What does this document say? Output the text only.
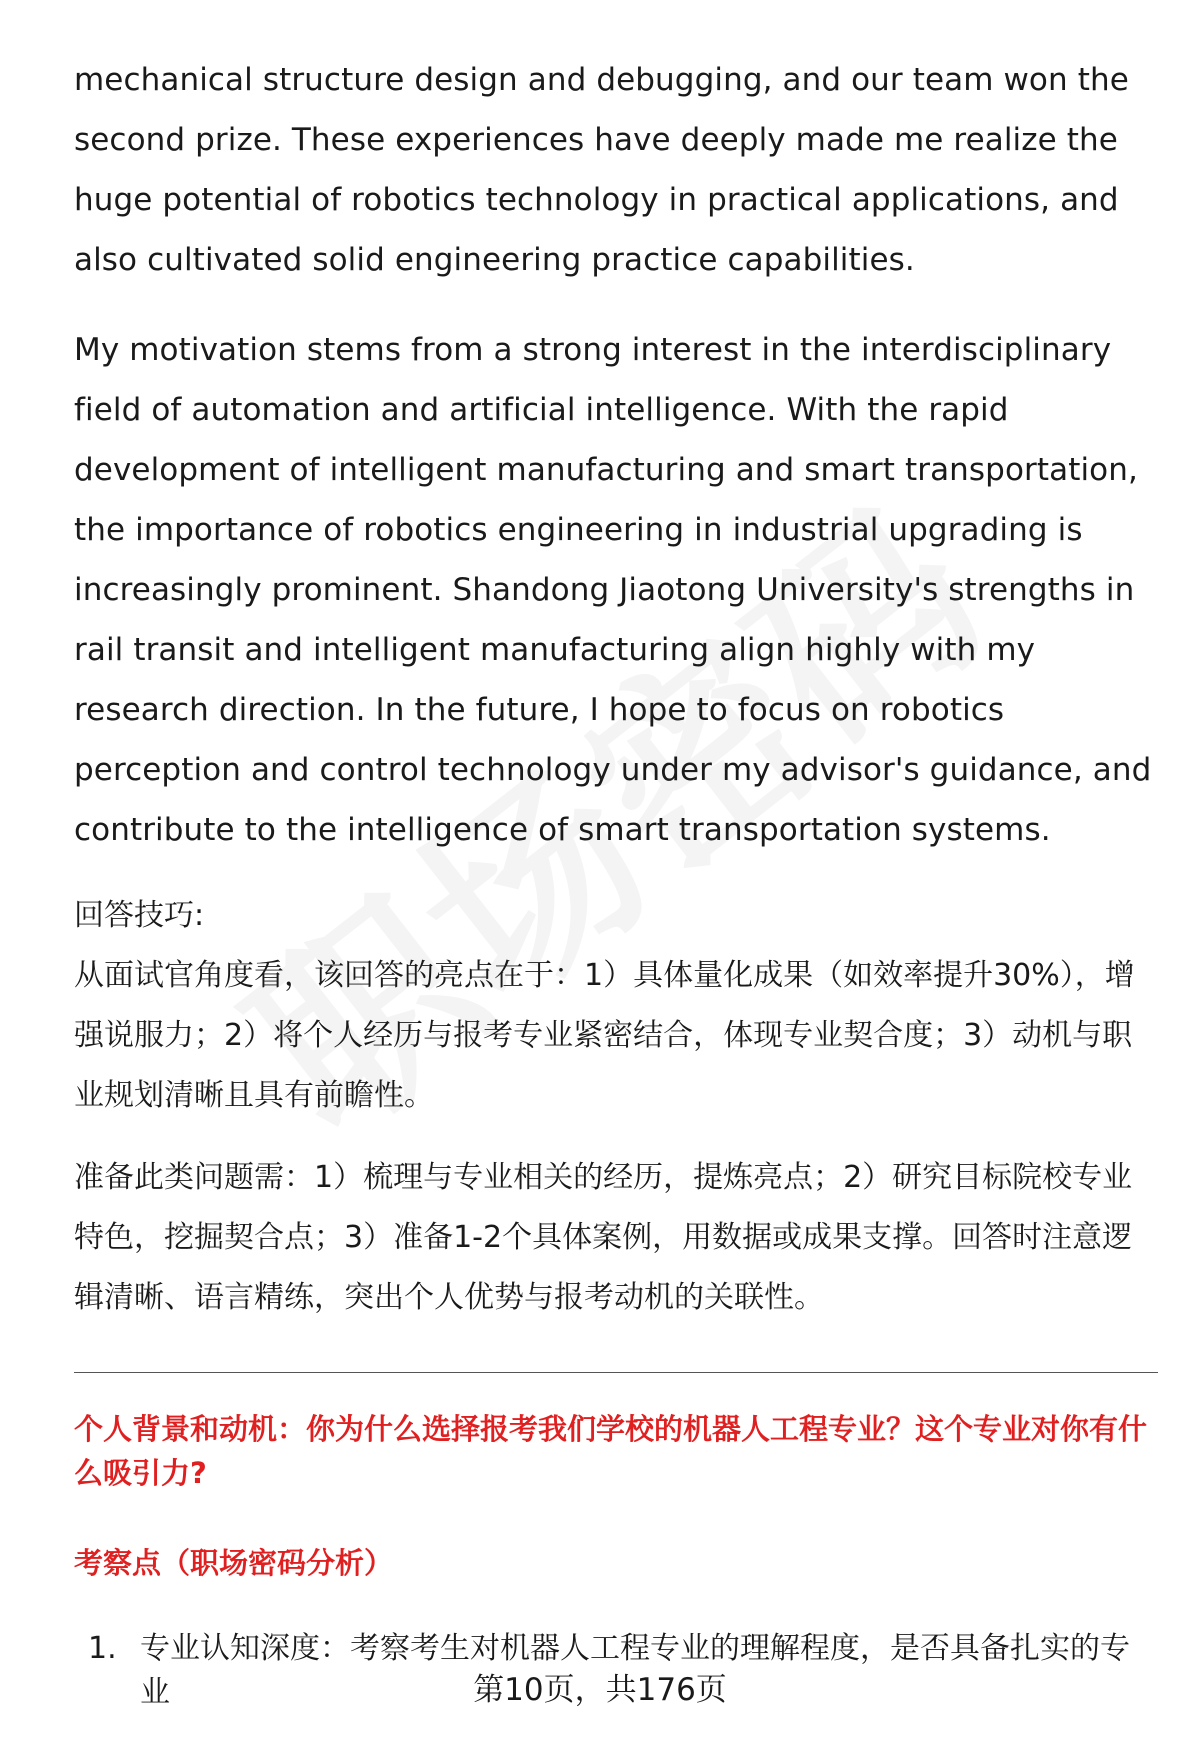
mechanical structure design and debugging, and our team won the second prize. These experiences have deeply made me realize the huge potential of robotics technology in practical applications, and also cultivated solid engineering practice capabilities.

My motivation stems from a strong interest in the interdisciplinary field of automation and artificial intelligence. With the rapid development of intelligent manufacturing and smart transportation, the importance of robotics engineering in industrial upgrading is increasingly prominent. Shandong Jiaotong University's strengths in rail transit and intelligent manufacturing align highly with my research direction. In the future, I hope to focus on robotics perception and control technology under my advisor's guidance, and contribute to the intelligence of smart transportation systems.

回答技巧:

从面试官角度看，该回答的亮点在于：1）具体量化成果（如效率提升30%），增强说服力；2）将个人经历与报考专业紧密结合，体现专业契合度；3）动机与职业规划清晰且具有前瞻性。

准备此类问题需：1）梳理与专业相关的经历，提炼亮点；2）研究目标院校专业特色，挖掘契合点；3）准备1-2个具体案例，用数据或成果支撑。回答时注意逻辑清晰、语言精练，突出个人优势与报考动机的关联性。

个人背景和动机：你为什么选择报考我们学校的机器人工程专业？这个专业对你有什么吸引力?

考察点（职场密码分析）

1. 专业认知深度：考察考生对机器人工程专业的理解程度，是否具备扎实的专业	第10页，共176页
